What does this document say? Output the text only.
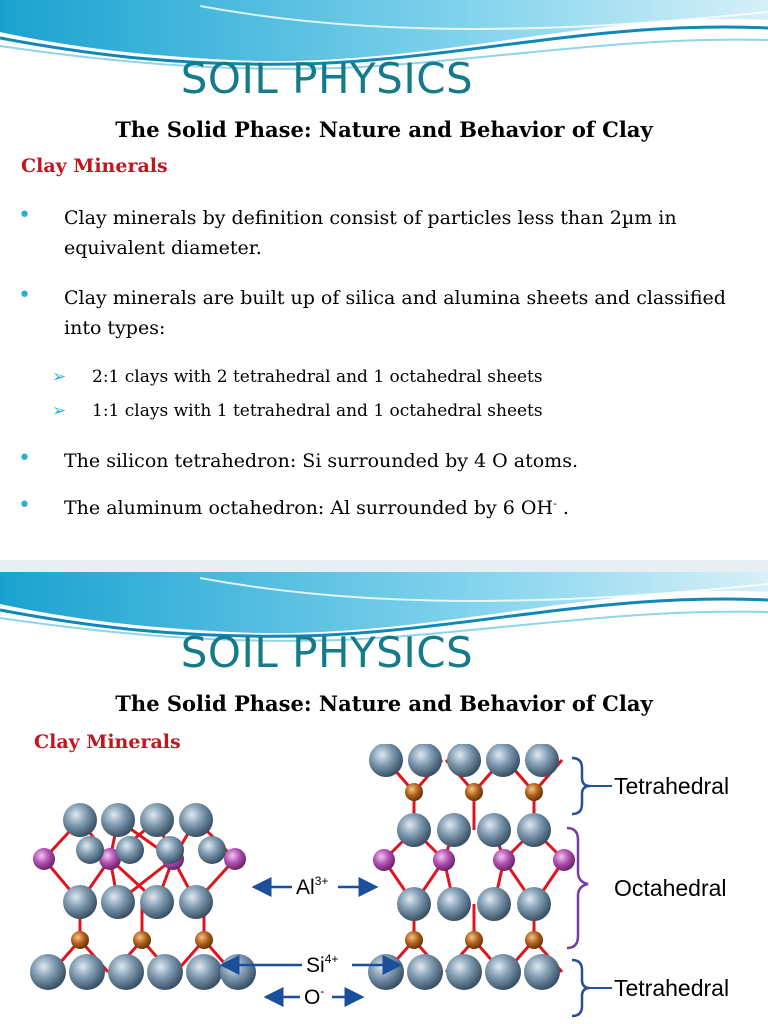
SOIL PHYSICS
The Solid Phase: Nature and Behavior of Clay
Clay Minerals
• Clay minerals by definition consist of particles less than 2µm in equivalent diameter.
• Clay minerals are built up of silica and alumina sheets and classified into types:
➢ 2:1 clays with 2 tetrahedral and 1 octahedral sheets
➢ 1:1 clays with 1 tetrahedral and 1 octahedral sheets
• The silicon tetrahedron: Si surrounded by 4 O atoms.
• The aluminum octahedron: Al surrounded by 6 OH- .
SOIL PHYSICS
The Solid Phase: Nature and Behavior of Clay
Clay Minerals
Tetrahedral
Octahedral
Tetrahedral
$Al^{3+}$
$Si^{4+}$
O-
